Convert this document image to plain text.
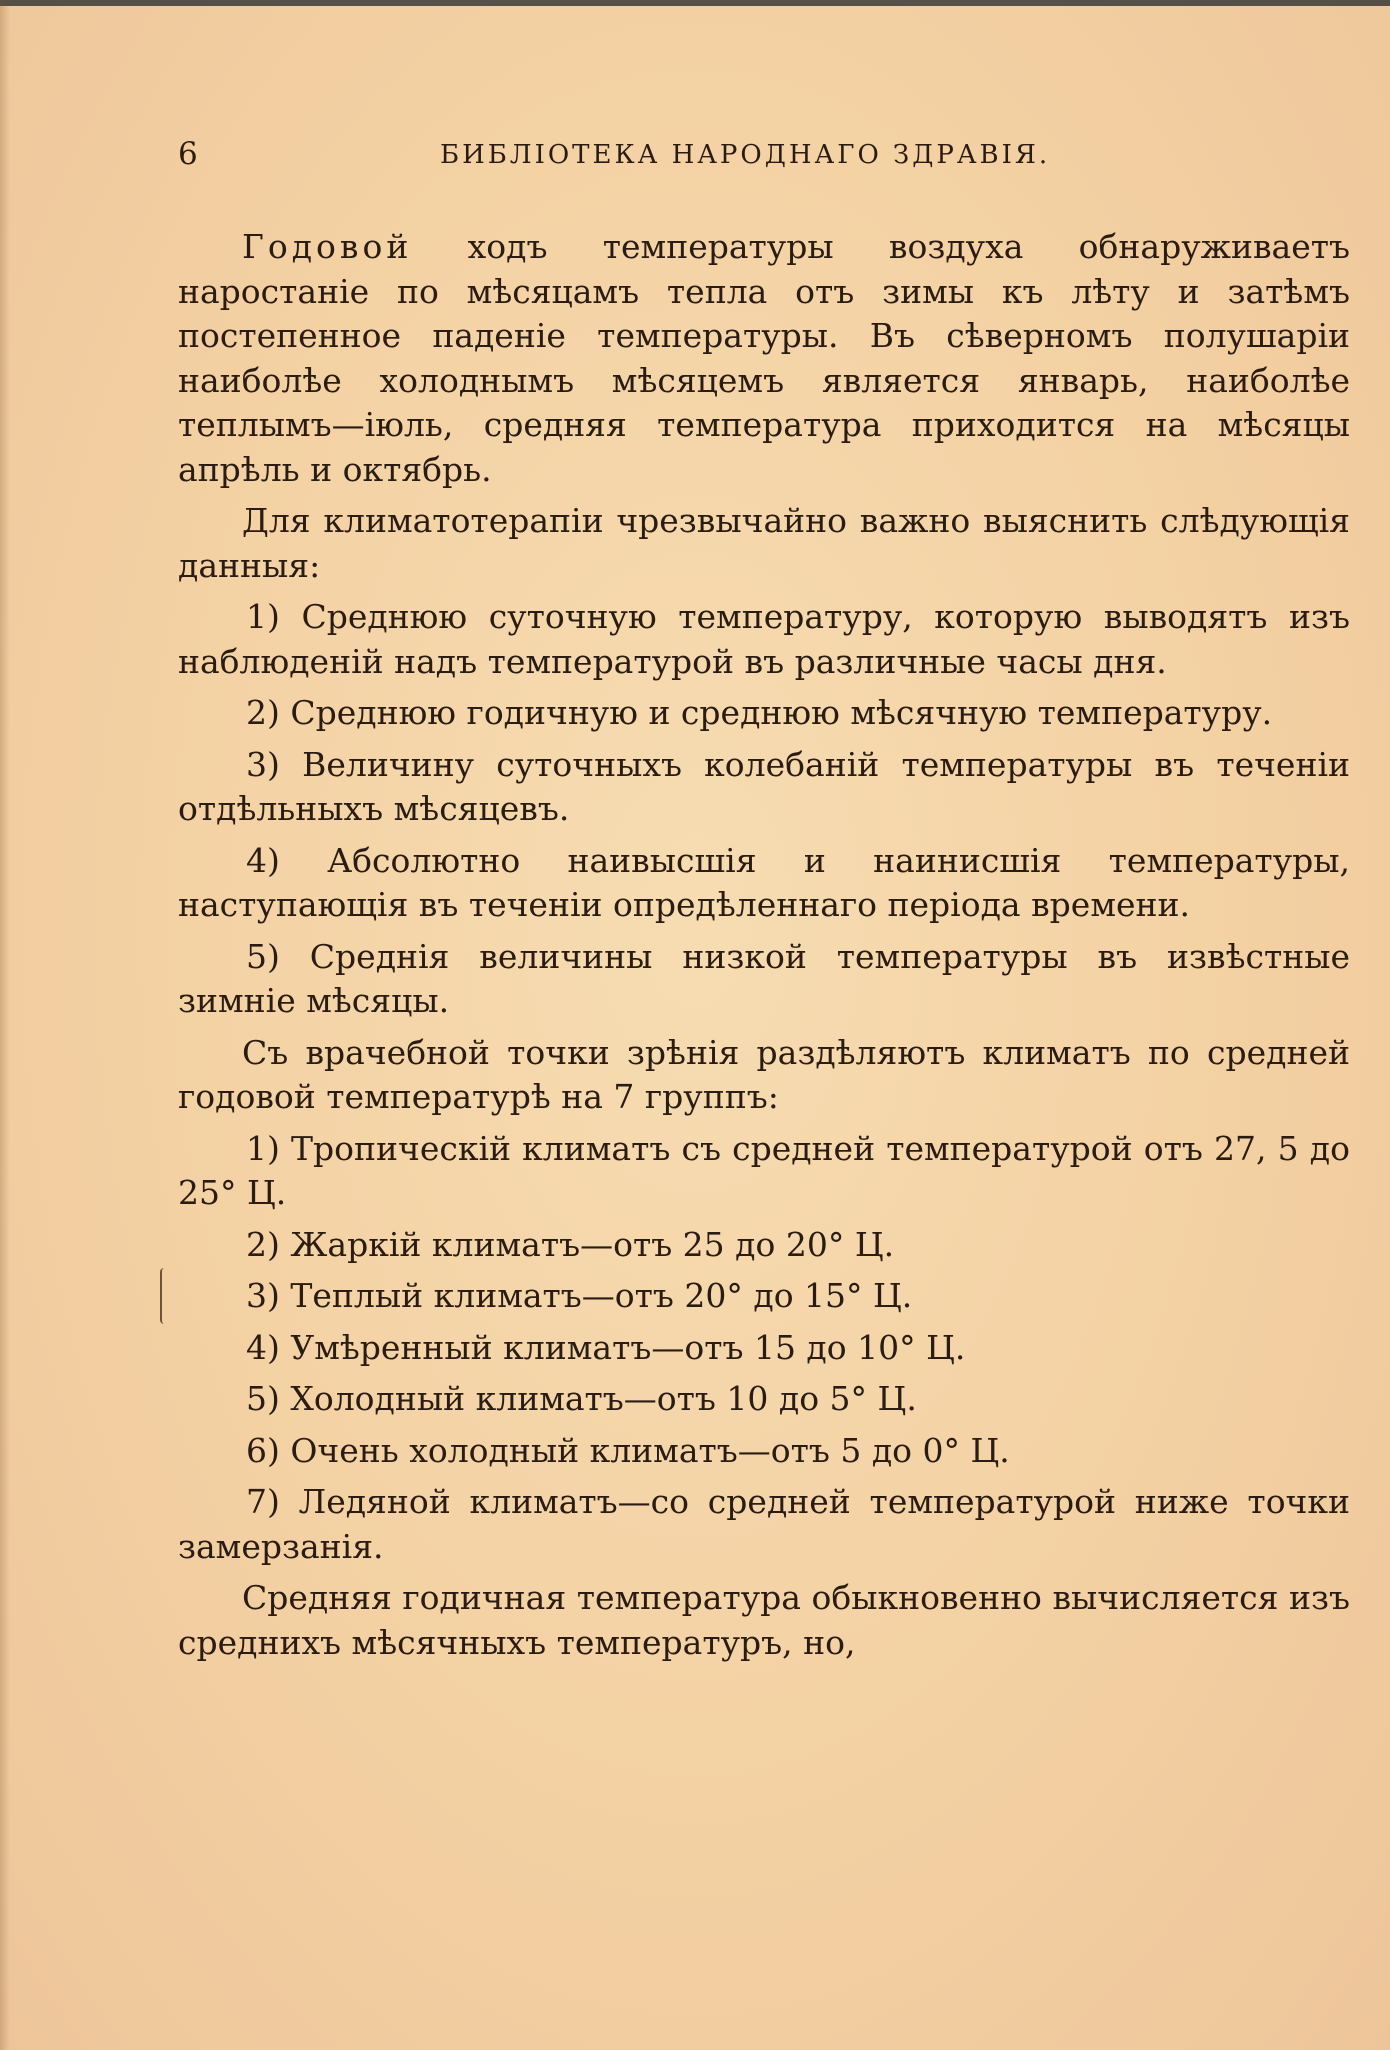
6	БИБЛІОТЕКА НАРОДНАГО ЗДРАВІЯ.

Годовой ходъ температуры воздуха обнаруживаетъ наростаніе по мѣсяцамъ тепла отъ зимы къ лѣту и затѣмъ постепенное паденіе температуры. Въ сѣверномъ полушаріи наиболѣе холоднымъ мѣсяцемъ является январь, наиболѣе теплымъ—іюль, средняя температура приходится на мѣсяцы апрѣль и октябрь.

Для климатотерапіи чрезвычайно важно выяснить слѣдующія данныя:

1) Среднюю суточную температуру, которую выводятъ изъ наблюденій надъ температурой въ различные часы дня.

2) Среднюю годичную и среднюю мѣсячную температуру.

3) Величину суточныхъ колебаній температуры въ теченіи отдѣльныхъ мѣсяцевъ.

4) Абсолютно наивысшія и наинисшія температуры, наступающія въ теченіи опредѣленнаго періода времени.

5) Среднія величины низкой температуры въ извѣстные зимніе мѣсяцы.

Съ врачебной точки зрѣнія раздѣляютъ климатъ по средней годовой температурѣ на 7 группъ:

1) Тропическій климатъ съ средней температурой отъ 27, 5 до 25° Ц.

2) Жаркій климатъ—отъ 25 до 20° Ц.

3) Теплый климатъ—отъ 20° до 15° Ц.

4) Умѣренный климатъ—отъ 15 до 10° Ц.

5) Холодный климатъ—отъ 10 до 5° Ц.

6) Очень холодный климатъ—отъ 5 до 0° Ц.

7) Ледяной климатъ—со средней температурой ниже точки замерзанія.

Средняя годичная температура обыкновенно вычисляется изъ среднихъ мѣсячныхъ температуръ, но,
